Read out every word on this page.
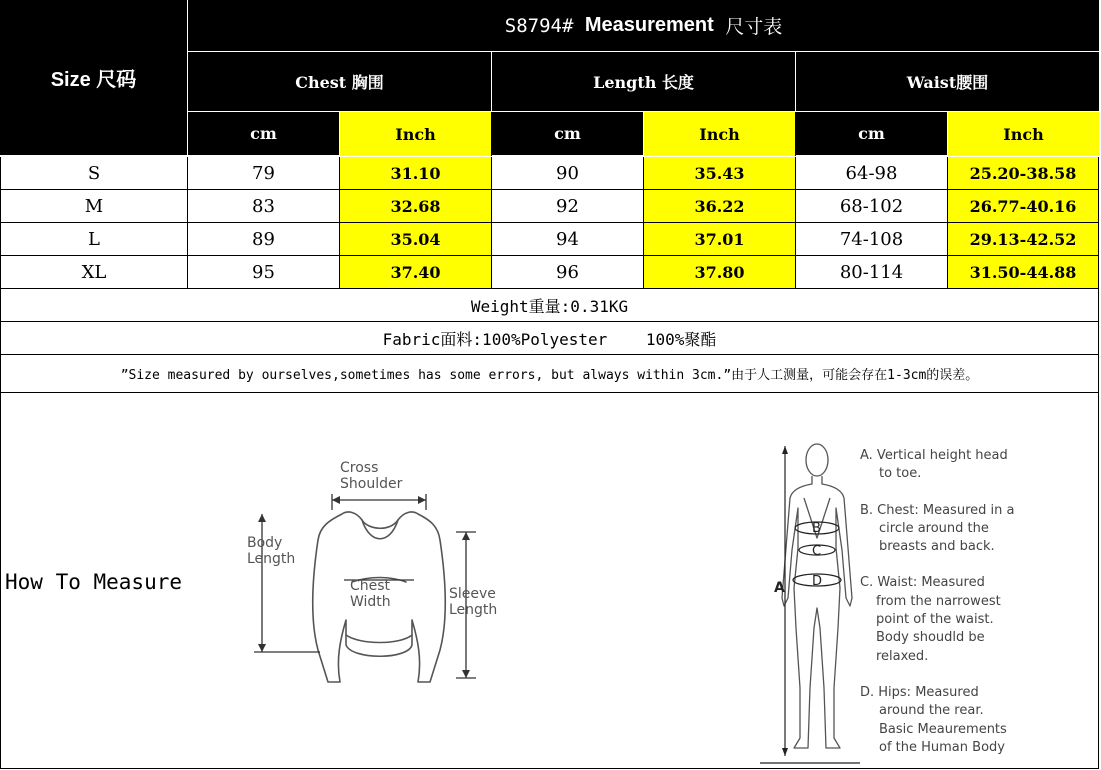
Size 尺码
S8794#
Measurement
尺寸表
Chest 胸围	Length 长度	Waist腰围
cm	Inch	cm	Inch	cm	Inch
S	79	31.10	90	35.43	64-98	25.20-38.58
M	83	32.68	92	36.22	68-102	26.77-40.16
L	89	35.04	94	37.01	74-108	29.13-42.52
XL	95	37.40	96	37.80	80-114	31.50-44.88
Weight重量:0.31KG
Fabric面料:100%Polyester    100%聚酯
”Size measured by ourselves,sometimes has some errors, but always within 3cm.”由于人工测量，可能会存在1-3cm的误差。
How To Measure
Cross
Shoulder
Body
Length
Chest
Width	Sleeve
Length
A
B
C
D
A. Vertical height head
to toe.
B. Chest: Measured in a
circle around the
breasts and back.
C. Waist: Measured
from the narrowest
point of the waist.
Body shoudld be
relaxed.
D. Hips: Measured
around the rear.
Basic Meaurements
of the Human Body
